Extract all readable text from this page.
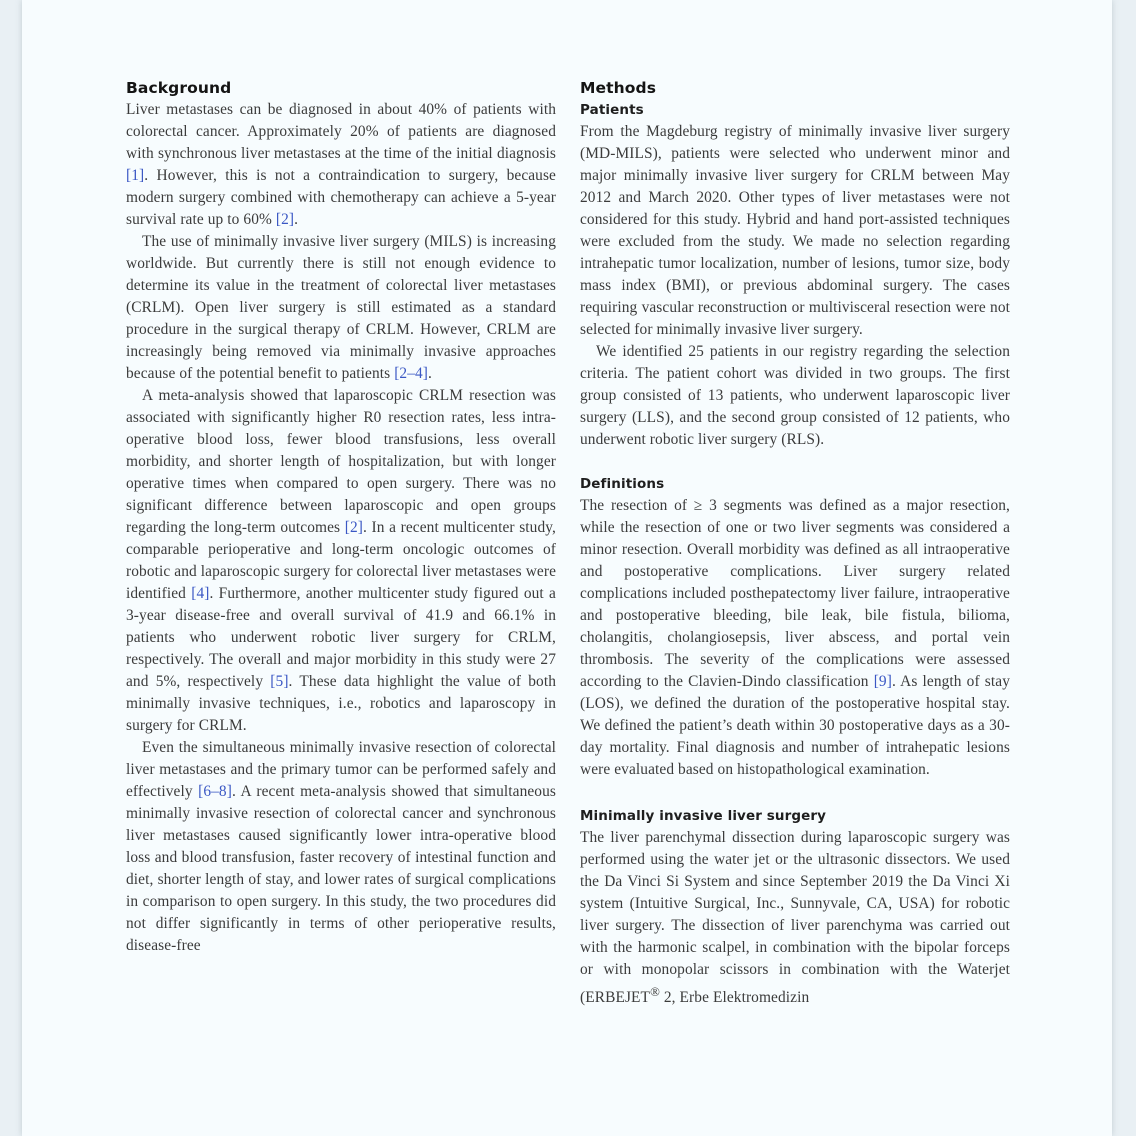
Background

Liver metastases can be diagnosed in about 40% of patients with colorectal cancer. Approximately 20% of patients are diagnosed with synchronous liver metastases at the time of the initial diagnosis [1]. However, this is not a contraindication to surgery, because modern surgery combined with chemotherapy can achieve a 5-year survival rate up to 60% [2].

The use of minimally invasive liver surgery (MILS) is increasing worldwide. But currently there is still not enough evidence to determine its value in the treatment of colorectal liver metastases (CRLM). Open liver surgery is still estimated as a standard procedure in the surgical therapy of CRLM. However, CRLM are increasingly being removed via minimally invasive approaches because of the potential benefit to patients [2–4].

A meta-analysis showed that laparoscopic CRLM resection was associated with significantly higher R0 resection rates, less intra-operative blood loss, fewer blood transfusions, less overall morbidity, and shorter length of hospitalization, but with longer operative times when compared to open surgery. There was no significant difference between laparoscopic and open groups regarding the long-term outcomes [2]. In a recent multicenter study, comparable perioperative and long-term oncologic outcomes of robotic and laparoscopic surgery for colorectal liver metastases were identified [4]. Furthermore, another multicenter study figured out a 3-year disease-free and overall survival of 41.9 and 66.1% in patients who underwent robotic liver surgery for CRLM, respectively. The overall and major morbidity in this study were 27 and 5%, respectively [5]. These data highlight the value of both minimally invasive techniques, i.e., robotics and laparoscopy in surgery for CRLM.

Even the simultaneous minimally invasive resection of colorectal liver metastases and the primary tumor can be performed safely and effectively [6–8]. A recent meta-analysis showed that simultaneous minimally invasive resection of colorectal cancer and synchronous liver metastases caused significantly lower intra-operative blood loss and blood transfusion, faster recovery of intestinal function and diet, shorter length of stay, and lower rates of surgical complications in comparison to open surgery. In this study, the two procedures did not differ significantly in terms of other perioperative results, disease-free

Methods
Patients

From the Magdeburg registry of minimally invasive liver surgery (MD-MILS), patients were selected who underwent minor and major minimally invasive liver surgery for CRLM between May 2012 and March 2020. Other types of liver metastases were not considered for this study. Hybrid and hand port-assisted techniques were excluded from the study. We made no selection regarding intrahepatic tumor localization, number of lesions, tumor size, body mass index (BMI), or previous abdominal surgery. The cases requiring vascular reconstruction or multivisceral resection were not selected for minimally invasive liver surgery.

We identified 25 patients in our registry regarding the selection criteria. The patient cohort was divided in two groups. The first group consisted of 13 patients, who underwent laparoscopic liver surgery (LLS), and the second group consisted of 12 patients, who underwent robotic liver surgery (RLS).

Definitions

The resection of ≥ 3 segments was defined as a major resection, while the resection of one or two liver segments was considered a minor resection. Overall morbidity was defined as all intraoperative and postoperative complications. Liver surgery related complications included posthepatectomy liver failure, intraoperative and postoperative bleeding, bile leak, bile fistula, bilioma, cholangitis, cholangiosepsis, liver abscess, and portal vein thrombosis. The severity of the complications were assessed according to the Clavien-Dindo classification [9]. As length of stay (LOS), we defined the duration of the postoperative hospital stay. We defined the patient’s death within 30 postoperative days as a 30-day mortality. Final diagnosis and number of intrahepatic lesions were evaluated based on histopathological examination.

Minimally invasive liver surgery

The liver parenchymal dissection during laparoscopic surgery was performed using the water jet or the ultrasonic dissectors. We used the Da Vinci Si System and since September 2019 the Da Vinci Xi system (Intuitive Surgical, Inc., Sunnyvale, CA, USA) for robotic liver surgery. The dissection of liver parenchyma was carried out with the harmonic scalpel, in combination with the bipolar forceps or with monopolar scissors in combination with the Waterjet (ERBEJET® 2, Erbe Elektromedizin
